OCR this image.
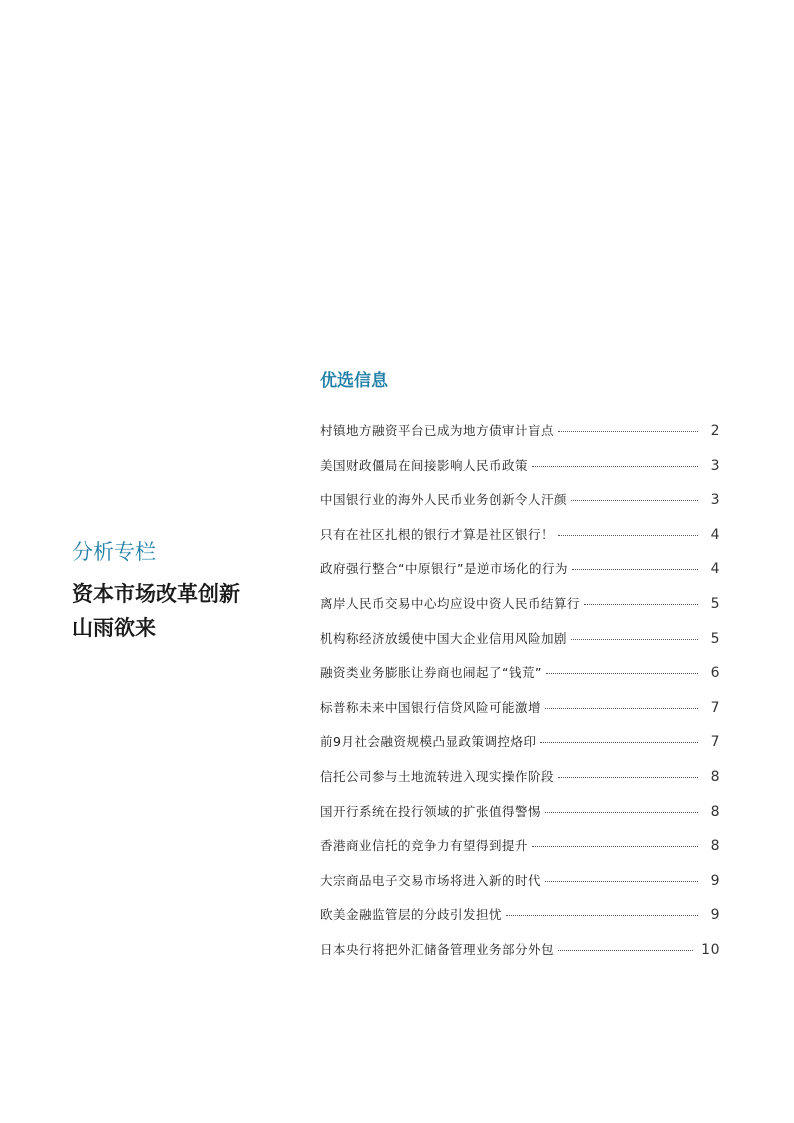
分析专栏
资本市场改革创新
山雨欲来
优选信息
村镇地方融资平台已成为地方债审计盲点	2
美国财政僵局在间接影响人民币政策	3
中国银行业的海外人民币业务创新令人汗颜	3
只有在社区扎根的银行才算是社区银行！	4
政府强行整合“中原银行”是逆市场化的行为	4
离岸人民币交易中心均应设中资人民币结算行	5
机构称经济放缓使中国大企业信用风险加剧	5
融资类业务膨胀让券商也闹起了“钱荒”	6
标普称未来中国银行信贷风险可能激增	7
前9月社会融资规模凸显政策调控烙印	7
信托公司参与土地流转进入现实操作阶段	8
国开行系统在投行领域的扩张值得警惕	8
香港商业信托的竞争力有望得到提升	8
大宗商品电子交易市场将进入新的时代	9
欧美金融监管层的分歧引发担忧	9
日本央行将把外汇储备管理业务部分外包	10
